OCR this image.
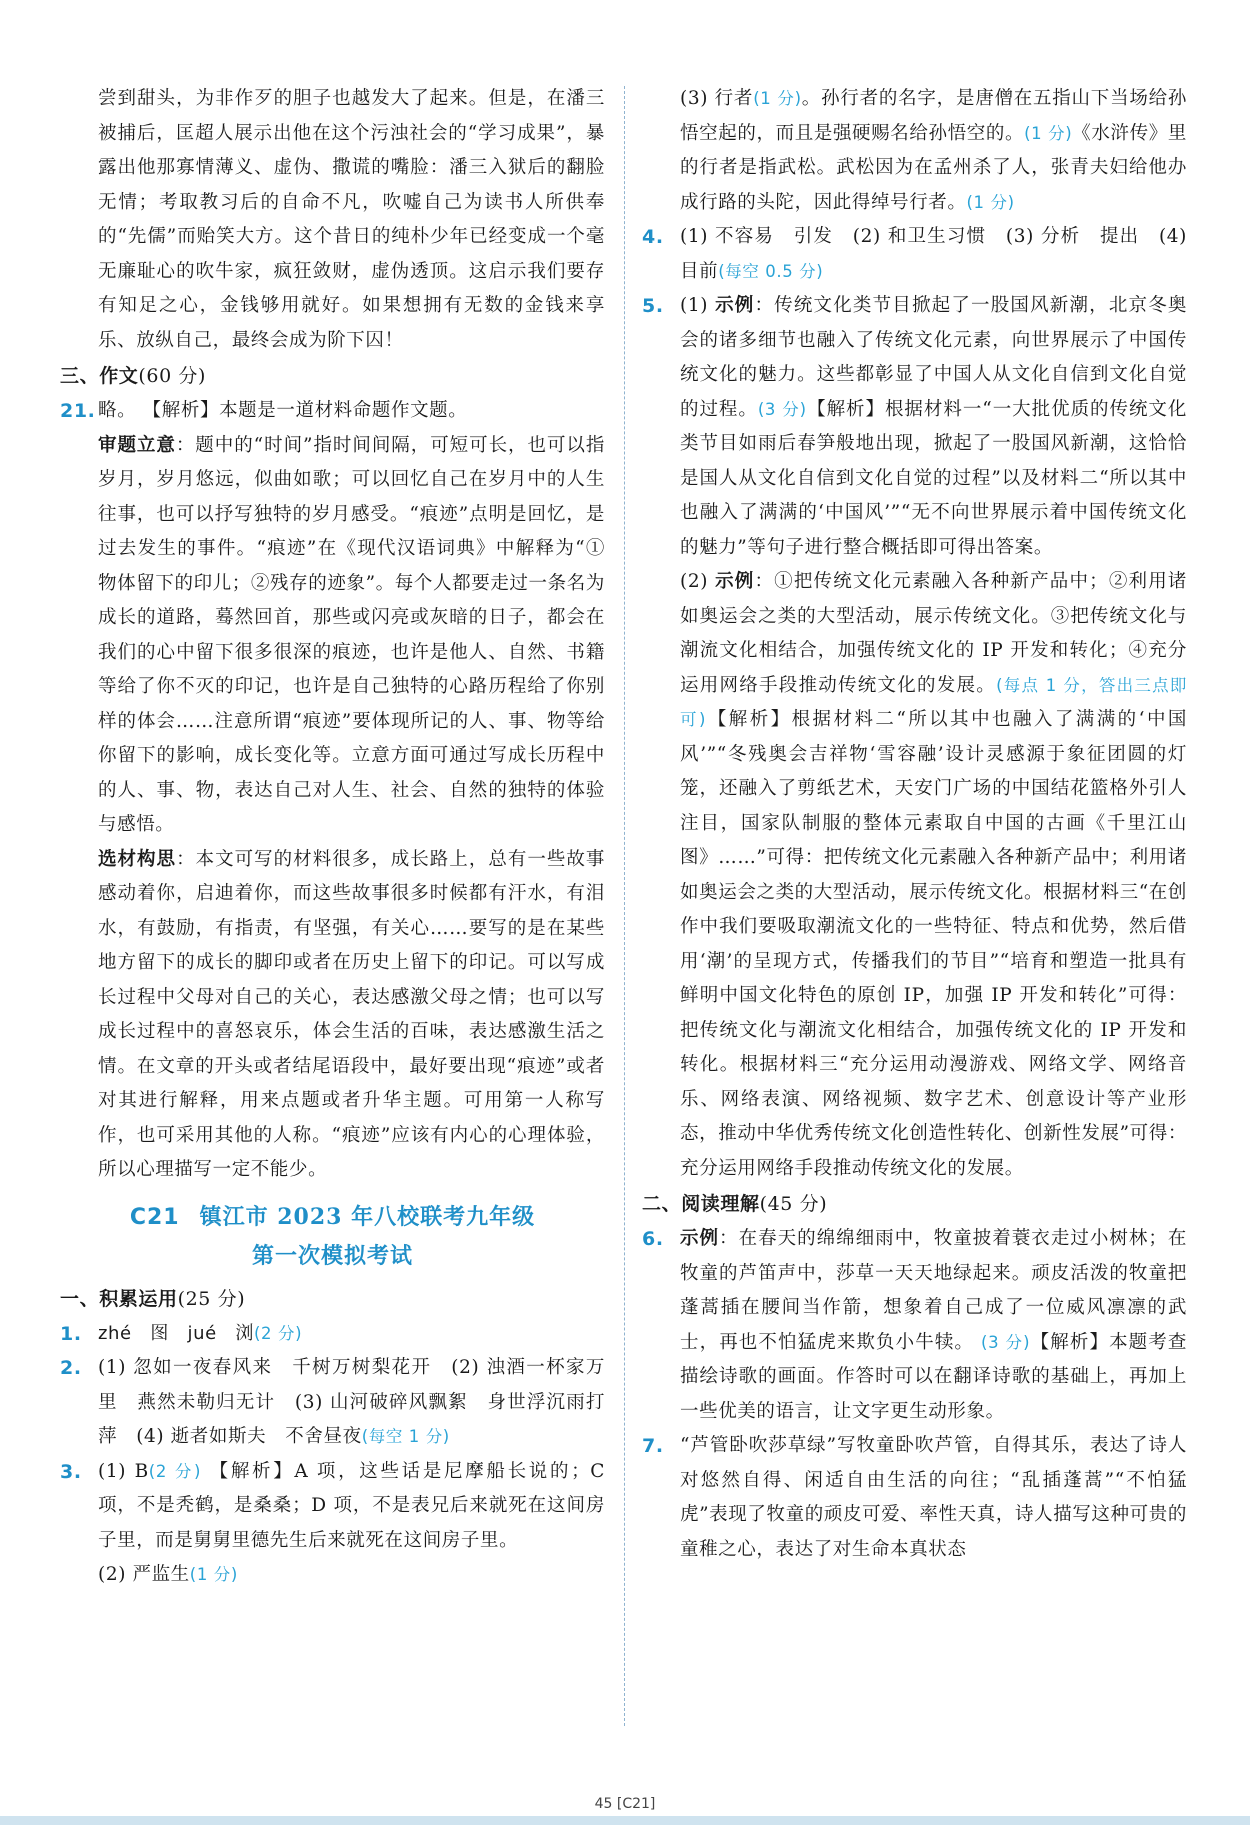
尝到甜头，为非作歹的胆子也越发大了起来。但是，在潘三被捕后，匡超人展示出他在这个污浊社会的“学习成果”，暴露出他那寡情薄义、虚伪、撒谎的嘴脸：潘三入狱后的翻脸无情；考取教习后的自命不凡，吹嘘自己为读书人所供奉的“先儒”而贻笑大方。这个昔日的纯朴少年已经变成一个毫无廉耻心的吹牛家，疯狂敛财，虚伪透顶。这启示我们要存有知足之心，金钱够用就好。如果想拥有无数的金钱来享乐、放纵自己，最终会成为阶下囚！

三、作文(60 分)
21. 略。 【解析】本题是一道材料命题作文题。
审题立意：题中的“时间”指时间间隔，可短可长，也可以指岁月，岁月悠远，似曲如歌；可以回忆自己在岁月中的人生往事，也可以抒写独特的岁月感受。“痕迹”点明是回忆，是过去发生的事件。“痕迹”在《现代汉语词典》中解释为“①物体留下的印儿；②残存的迹象”。每个人都要走过一条名为成长的道路，蓦然回首，那些或闪亮或灰暗的日子，都会在我们的心中留下很多很深的痕迹，也许是他人、自然、书籍等给了你不灭的印记，也许是自己独特的心路历程给了你别样的体会……注意所谓“痕迹”要体现所记的人、事、物等给你留下的影响，成长变化等。立意方面可通过写成长历程中的人、事、物，表达自己对人生、社会、自然的独特的体验与感悟。
选材构思：本文可写的材料很多，成长路上，总有一些故事感动着你，启迪着你，而这些故事很多时候都有汗水，有泪水，有鼓励，有指责，有坚强，有关心……要写的是在某些地方留下的成长的脚印或者在历史上留下的印记。可以写成长过程中父母对自己的关心，表达感激父母之情；也可以写成长过程中的喜怒哀乐，体会生活的百味，表达感激生活之情。在文章的开头或者结尾语段中，最好要出现“痕迹”或者对其进行解释，用来点题或者升华主题。可用第一人称写作，也可采用其他的人称。“痕迹”应该有内心的心理体验，所以心理描写一定不能少。
C21 镇江市 2023 年八校联考九年级
第一次模拟考试
一、积累运用(25 分)
1. zhé　图　jué　浏(2 分)
2. (1) 忽如一夜春风来　千树万树梨花开　(2) 浊酒一杯家万里　燕然未勒归无计　(3) 山河破碎风飘絮　身世浮沉雨打萍　(4) 逝者如斯夫　不舍昼夜(每空 1 分)
3. (1) B(2 分) 【解析】A 项，这些话是尼摩船长说的；C 项，不是秃鹤，是桑桑；D 项，不是表兄后来就死在这间房子里，而是舅舅里德先生后来就死在这间房子里。
(2) 严监生(1 分)
(3) 行者(1 分)。孙行者的名字，是唐僧在五指山下当场给孙悟空起的，而且是强硬赐名给孙悟空的。(1 分)《水浒传》里的行者是指武松。武松因为在孟州杀了人，张青夫妇给他办成行路的头陀，因此得绰号行者。(1 分)
4. (1) 不容易　引发　(2) 和卫生习惯　(3) 分析　提出　(4) 目前(每空 0.5 分)
5. (1) 示例：传统文化类节目掀起了一股国风新潮，北京冬奥会的诸多细节也融入了传统文化元素，向世界展示了中国传统文化的魅力。这些都彰显了中国人从文化自信到文化自觉的过程。(3 分)【解析】根据材料一“一大批优质的传统文化类节目如雨后春笋般地出现，掀起了一股国风新潮，这恰恰是国人从文化自信到文化自觉的过程”以及材料二“所以其中也融入了满满的‘中国风’”“无不向世界展示着中国传统文化的魅力”等句子进行整合概括即可得出答案。
(2) 示例：①把传统文化元素融入各种新产品中；②利用诸如奥运会之类的大型活动，展示传统文化。③把传统文化与潮流文化相结合，加强传统文化的 IP 开发和转化；④充分运用网络手段推动传统文化的发展。(每点 1 分，答出三点即可)【解析】根据材料二“所以其中也融入了满满的‘中国风’”“冬残奥会吉祥物‘雪容融’设计灵感源于象征团圆的灯笼，还融入了剪纸艺术，天安门广场的中国结花篮格外引人注目，国家队制服的整体元素取自中国的古画《千里江山图》……”可得：把传统文化元素融入各种新产品中；利用诸如奥运会之类的大型活动，展示传统文化。根据材料三“在创作中我们要吸取潮流文化的一些特征、特点和优势，然后借用‘潮’的呈现方式，传播我们的节目”“培育和塑造一批具有鲜明中国文化特色的原创 IP，加强 IP 开发和转化”可得：把传统文化与潮流文化相结合，加强传统文化的 IP 开发和转化。根据材料三“充分运用动漫游戏、网络文学、网络音乐、网络表演、网络视频、数字艺术、创意设计等产业形态，推动中华优秀传统文化创造性转化、创新性发展”可得：充分运用网络手段推动传统文化的发展。
二、阅读理解(45 分)
6. 示例：在春天的绵绵细雨中，牧童披着蓑衣走过小树林；在牧童的芦笛声中，莎草一天天地绿起来。顽皮活泼的牧童把蓬蒿插在腰间当作箭，想象着自己成了一位威风凛凛的武士，再也不怕猛虎来欺负小牛犊。 (3 分)【解析】本题考查描绘诗歌的画面。作答时可以在翻译诗歌的基础上，再加上一些优美的语言，让文字更生动形象。
7. “芦管卧吹莎草绿”写牧童卧吹芦管，自得其乐，表达了诗人对悠然自得、闲适自由生活的向往；“乱插蓬蒿”“不怕猛虎”表现了牧童的顽皮可爱、率性天真，诗人描写这种可贵的童稚之心，表达了对生命本真状态
45 [C21]
